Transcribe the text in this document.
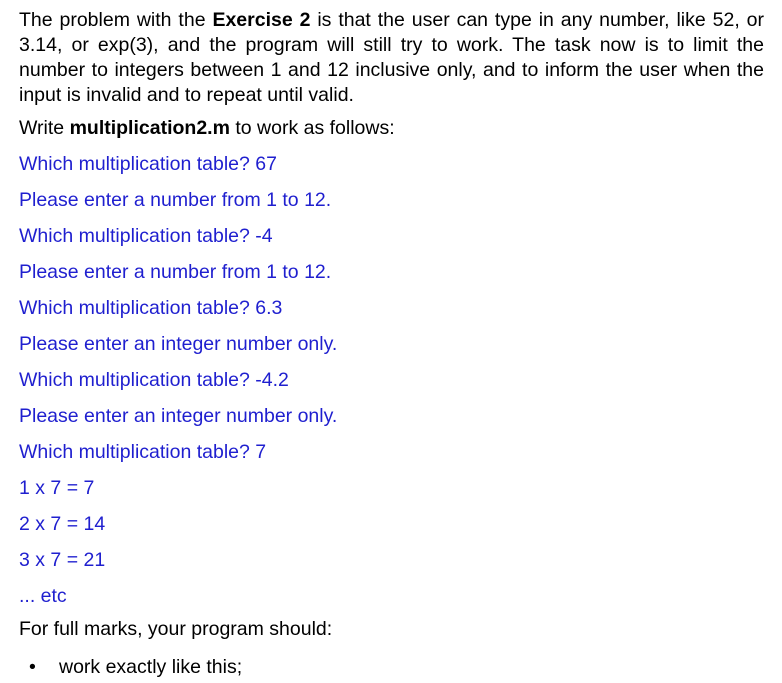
The problem with the Exercise 2 is that the user can type in any number, like 52, or 3.14, or exp(3), and the program will still try to work. The task now is to limit the number to integers between 1 and 12 inclusive only, and to inform the user when the input is invalid and to repeat until valid.

Write multiplication2.m to work as follows:

Which multiplication table? 67
Please enter a number from 1 to 12.
Which multiplication table? -4
Please enter a number from 1 to 12.
Which multiplication table? 6.3
Please enter an integer number only.
Which multiplication table? -4.2
Please enter an integer number only.
Which multiplication table? 7
1 x 7 = 7
2 x 7 = 14
3 x 7 = 21
... etc

For full marks, your program should:

• work exactly like this;
